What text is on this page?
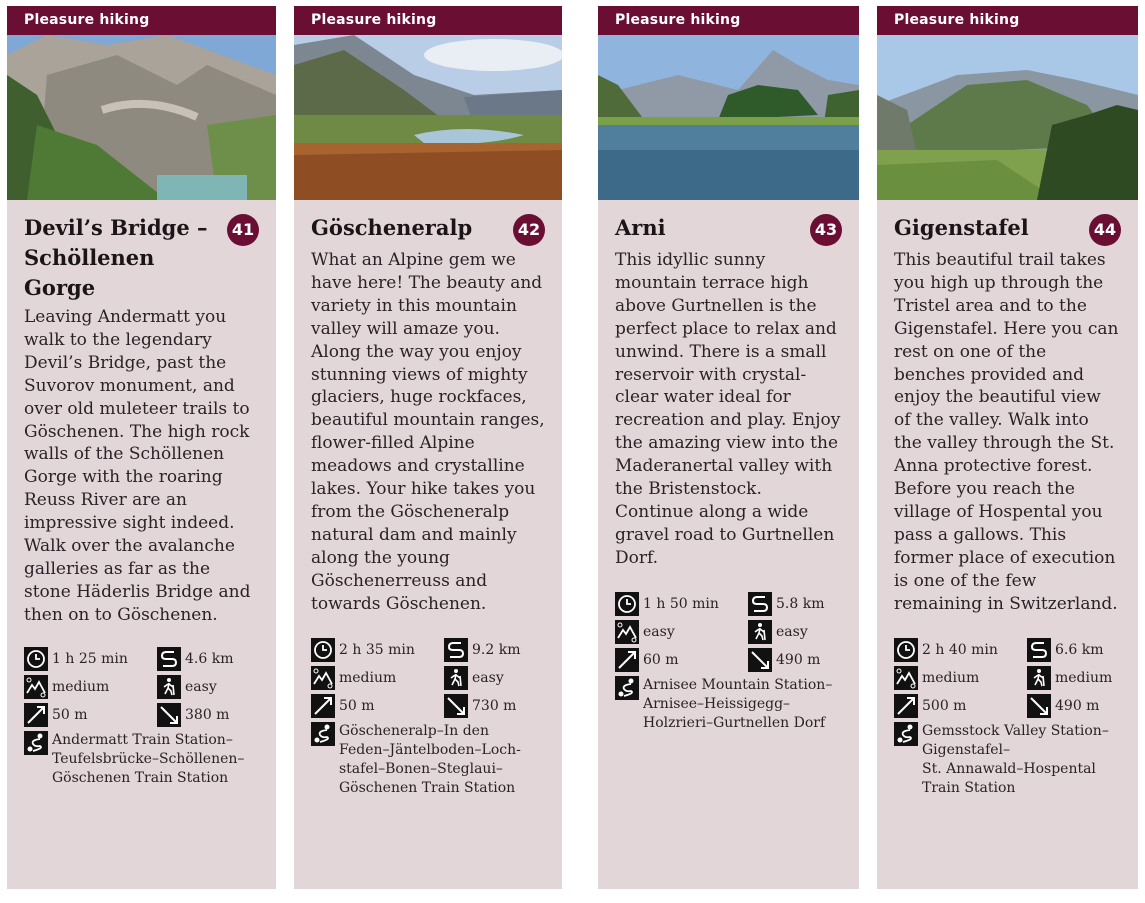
Pleasure hiking
Devil’s Bridge –
Schöllenen Gorge
41

Leaving Andermatt you walk to the legendary Devil’s Bridge, past the Suvorov monument, and over old muleteer trails to Göschenen. The high rock walls of the Schöllenen Gorge with the roaring Reuss River are an impressive sight indeed. Walk over the avalanche galleries as far as the stone Häderlis Bridge and then on to Göschenen.

1 h 25 min	4.6 km
medium	easy
50 m	380 m
Andermatt Train Station–
Teufelsbrücke–Schöllenen–
Göschenen Train Station
Pleasure hiking
Göscheneralp	42

What an Alpine gem we have here! The beauty and variety in this mountain valley will amaze you. Along the way you enjoy stunning views of mighty glaciers, huge rockfaces, beautiful mountain ranges, flower-filled Alpine meadows and crystalline lakes. Your hike takes you from the Göscheneralp natural dam and mainly along the young Göschenerreuss and towards Göschenen.

2 h 35 min	9.2 km
medium	easy
50 m	730 m
Göscheneralp–In den
Feden–Jäntelboden–Loch-
stafel–Bonen–Steglaui–
Göschenen Train Station
Pleasure hiking
Arni	43

This idyllic sunny mountain terrace high above Gurtnellen is the perfect place to relax and unwind. There is a small reservoir with crystal-clear water ideal for recreation and play. Enjoy the amazing view into the Maderanertal valley with the Bristenstock. Continue along a wide gravel road to Gurtnellen Dorf.

1 h 50 min	5.8 km
easy	easy
60 m	490 m
Arnisee Mountain Station–
Arnisee–Heissigegg–
Holzrieri–Gurtnellen Dorf
Pleasure hiking
Gigenstafel	44

This beautiful trail takes you high up through the Tristel area and to the Gigenstafel. Here you can rest on one of the benches provided and enjoy the beautiful view of the valley. Walk into the valley through the St. Anna protective forest. Before you reach the village of Hospental you pass a gallows. This former place of execution is one of the few remaining in Switzerland.

2 h 40 min	6.6 km
medium	medium
500 m	490 m
Gemsstock Valley Station–
Gigenstafel–
St. Annawald–Hospental
Train Station
